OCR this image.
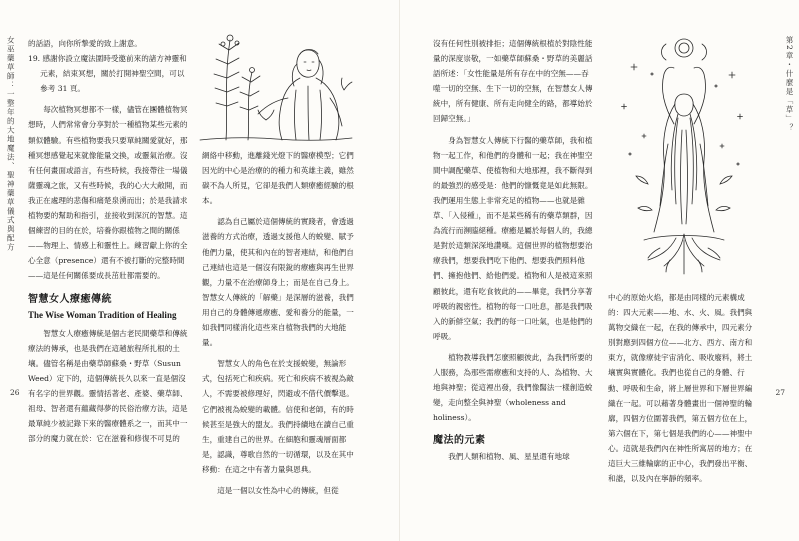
女巫藥草師：一整年的大地魔法、聖神藥草儀式與配方
26

的話語，向你所摯愛的致上謝意。

19. 感謝你設立魔法圍時受邀前來的諸方神靈和元素，結束冥想，關於打開神聖空間，可以參考 31 頁。

每次植物冥想都不一樣，儘管在團體植物冥想時，人們常常會分享對於一種植物某些元素的類似體驗。有些植物要我只要單純關愛就好，那種冥想感覺起來就像能量交換，或靈氣治療。沒有任何畫面或語言，有些時候，我接帶往一場儀薩靈魂之旅，又有些時候，我的心大大敞開，而我正在處理的悲傷和痛楚泉湧而出；於是我請求植物要的幫助和指引，並接收到深沉的智慧。這個練習的目的在於，培養你跟植物之間的關係——物理上、情感上和靈性上。練習獻上你的全心全意（presence）還有不被打斷的完整時間——這是任何關係要成長茁壯都需要的。

智慧女人療癒傳統
The Wise Woman Tradition of Healing

智慧女人療癒傳統是個古老民間藥草和傳統療法的傳承，也是我們在這趟旅程所扎根的土壤。儘管名稱是由藥草師蘇桑・野草（Susun Weed）定下的，這個傳統長久以來一直是個沒有名字的世界觀。靈情括著老、產婆、藥草師、祖母、智者還有蘊藏得夢的民俗治療方法，這是最單純少被記錄下來的醫療體系之一，而其中一部分的魔力就在於：它在滋養和修復不可見的

網絡中移動，進離錢光燈下的醫療模型；它們因光的中心是治療的的種力和英雄主義，雖然碳不為人所見，它卻是我們人類療癒經驗的根本。

認為自己屬於這個傳統的實踐者，會透過滋養的方式治療，透過支援他人的蛻變、賦予他們力量，使其和內在的智者連結，和他們自己連結也這是一個沒有限銳的療癒與再生世界觀，力量不在治療師身上；而是在自己身上。智慧女人傳統的「解藥」是深層的滋養，我們用自己的身體傳遞療癒、愛和養分的能量，一如我們同樣消化這些來自植物我們的大地能量。

智慧女人的角色在於支援蛻變，無論形式，包括死亡和疾病。死亡和疾病不被視為敵人，不需要被修理好，閃避或不借代價擊退。它們被視為蛻變的載體。信使和老師，有的時候甚至是強大的盟友。我們持續地在讀自己重生，重建自己的世界。在細胞和靈魂層面都是，認識，尊歌自然的一切循環，以及在其中移動：在這之中有著力量與恩典。

這是一個以女性為中心的傳統，但從

第2章・什麼是「草」？
27

沒有任何性別被排拒；這個傳統根植於對陰性能量的深度崇敬，一如藥草師蘇桑・野草的美麗話語所述：「女性能量是所有存在中的空無——吞噬一切的空無、生下一切的空無，在智慧女人傳統中，所有健康、所有走向健全的路，都導始於回歸空無。」

身為智慧女人傳統下行醫的藥草師，我和植物一起工作，和他們的身體和一起；我在神聖空間中調配藥草、使植物和大地那裡，我不斷得到的最強烈的感受是：他們的慷慨竟是如此無限。我們運用生態上非常充足的植物——也就是雜草、「入侵種」，而不是某些稀有的藥草類群，因為流行而瀕臨絕種。療癒是屬於每個人的，我總是對於這類深深地讚嘆。這個世界的植物想要治療我們，想要我們吃下他們、想要我們照料他們、擁抱他們、給他們愛。植物和人是被這來照顧彼此，還有吃食彼此的——畢竟，我們分享著呼吸的親密性。植物的每一口吐息，都是我們吸入的新鮮空氣；我們的每一口吐氣，也是他們的呼吸。

植物教導我們怎麼照顧彼此，為我們所要的人服務，為那些需療癒和支持的人、為植物、大地與神聖；從這裡出發，我們像醫法一樣創造蛻變，走向整全與神聖（wholeness and holiness）。

魔法的元素

我們人類和植物、風、星星還有地球

中心的原始火焰，都是由同樣的元素構成的：四大元素——地、水、火、風。我們與萬物交織在一起，在我的傳承中，四元素分別對應到四個方位——北方、西方、南方和東方，就像療徒宇宙消化、吸收廢料，將土壤實與實體化。我們也從自己的身體、行動、呼吸和生命，將上層世界和下層世界編織在一起。可以藉著身體畫出一個神聖的輪廓，四個方位圍著我們，第五個方位在上，第六個在下，第七個是我們的心——神聖中心。這就是我們內在神性所寓居的地方；在這巨大三維輪廓的正中心，我們發出平衡、和諧，以及內在寧靜的頻率。
